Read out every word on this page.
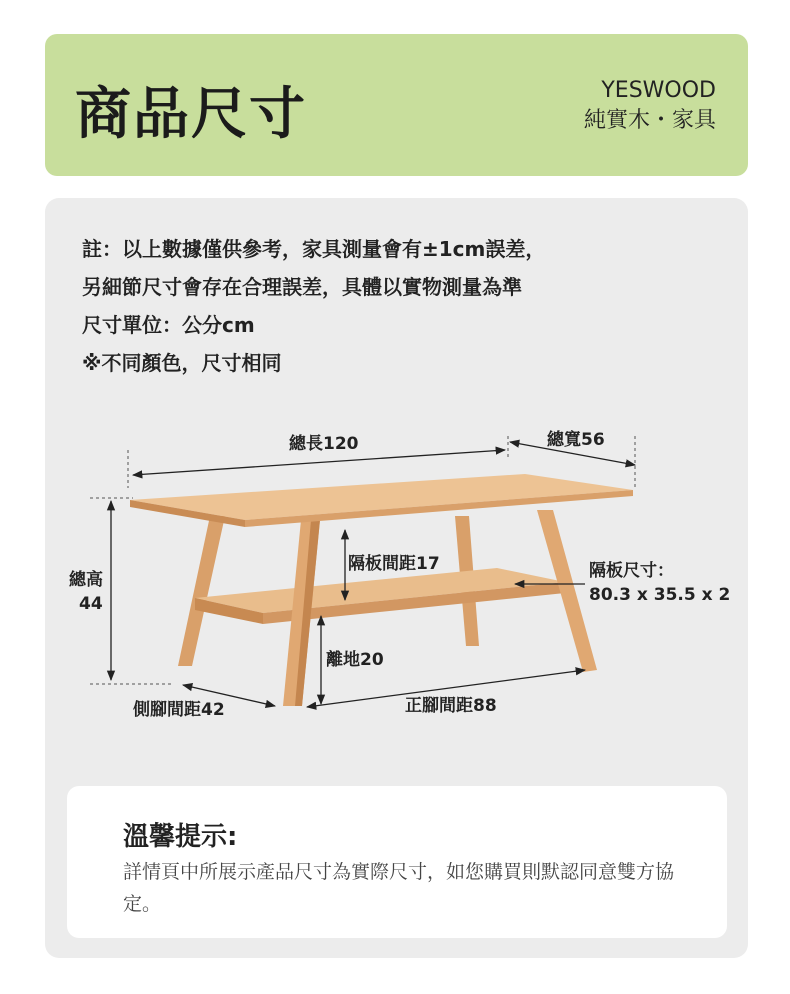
商品尺寸	YESWOOD
純實木・家具
註：以上數據僅供參考，家具測量會有±1cm誤差，
另細節尺寸會存在合理誤差，具體以實物測量為準
尺寸單位：公分cm
※不同顏色，尺寸相同
總長120	總寬56
總高
44
隔板間距17	隔板尺寸：
80.3 x 35.5 x 2
離地20
側腳間距42	正腳間距88
溫馨提示:
詳情頁中所展示產品尺寸為實際尺寸，如您購買則默認同意雙方協定。
